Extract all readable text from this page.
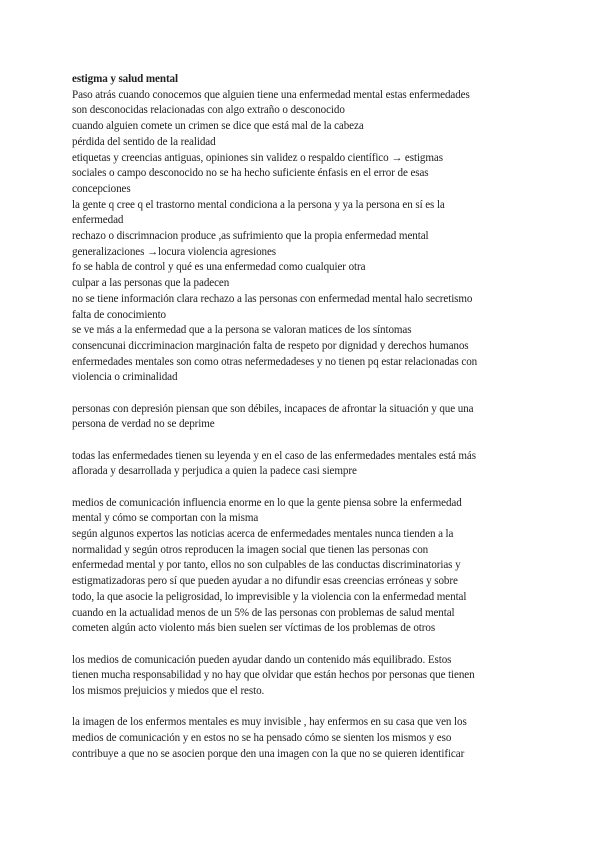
estigma y salud mental
Paso atrás cuando conocemos que alguien tiene una enfermedad mental estas enfermedades
son desconocidas relacionadas con algo extraño o desconocido
cuando alguien comete un crimen se dice que está mal de la cabeza
pérdida del sentido de la realidad
etiquetas y creencias antiguas, opiniones sin validez o respaldo científico → estigmas
sociales o campo desconocido no se ha hecho suficiente énfasis en el error de esas
concepciones
la gente q cree q el trastorno mental condiciona a la persona y ya la persona en sí es la
enfermedad
rechazo o discrimnacion produce ,as sufrimiento que la propia enfermedad mental
generalizaciones →locura violencia agresiones
fo se habla de control y qué es una enfermedad como cualquier otra
culpar a las personas que la padecen
no se tiene información clara rechazo a las personas con enfermedad mental halo secretismo
falta de conocimiento
se ve más a la enfermedad que a la persona se valoran matices de los síntomas
consencunai diccriminacion marginación falta de respeto por dignidad y derechos humanos
enfermedades mentales son como otras nefermedadeses y no tienen pq estar relacionadas con
violencia o criminalidad
personas con depresión piensan que son débiles, incapaces de afrontar la situación y que una
persona de verdad no se deprime
todas las enfermedades tienen su leyenda y en el caso de las enfermedades mentales está más
aflorada y desarrollada y perjudica a quien la padece casi siempre
medios de comunicación influencia enorme en lo que la gente piensa sobre la enfermedad
mental y cómo se comportan con la misma
según algunos expertos las noticias acerca de enfermedades mentales nunca tienden a la
normalidad y según otros reproducen la imagen social que tienen las personas con
enfermedad mental y por tanto, ellos no son culpables de las conductas discriminatorias y
estigmatizadoras pero sí que pueden ayudar a no difundir esas creencias erróneas y sobre
todo, la que asocie la peligrosidad, lo imprevisible y la violencia con la enfermedad mental
cuando en la actualidad menos de un 5% de las personas con problemas de salud mental
cometen algún acto violento más bien suelen ser víctimas de los problemas de otros
los medios de comunicación pueden ayudar dando un contenido más equilibrado. Estos
tienen mucha responsabilidad y no hay que olvidar que están hechos por personas que tienen
los mismos prejuicios y miedos que el resto.
la imagen de los enfermos mentales es muy invisible , hay enfermos en su casa que ven los
medios de comunicación y en estos no se ha pensado cómo se sienten los mismos y eso
contribuye a que no se asocien porque den una imagen con la que no se quieren identificar
